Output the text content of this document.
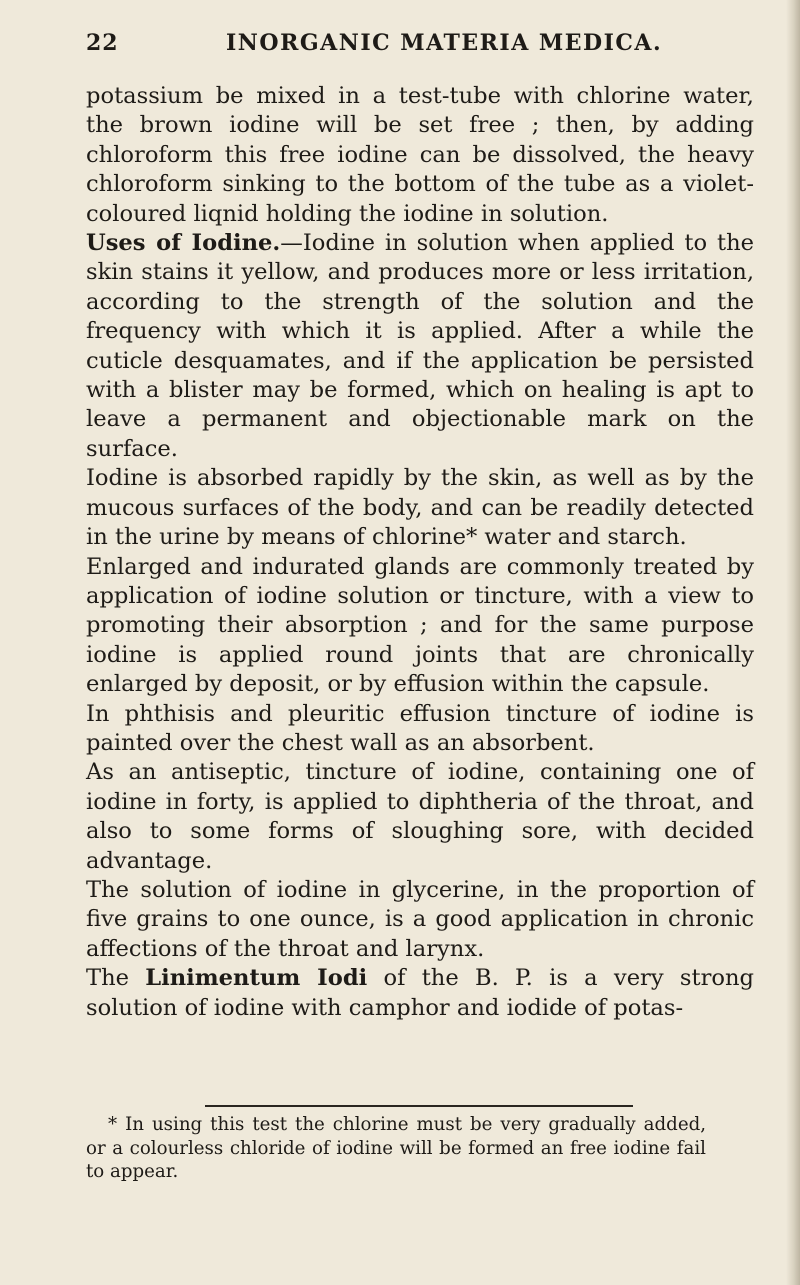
22	INORGANIC MATERIA MEDICA.

potassium be mixed in a test-tube with chlorine water, the brown iodine will be set free ; then, by adding chloroform this free iodine can be dissolved, the heavy chloroform sinking to the bottom of the tube as a violet-coloured liqnid holding the iodine in solution.

Uses of Iodine.—Iodine in solution when applied to the skin stains it yellow, and produces more or less irritation, according to the strength of the solution and the frequency with which it is applied. After a while the cuticle desquamates, and if the application be persisted with a blister may be formed, which on healing is apt to leave a permanent and objectionable mark on the surface.

Iodine is absorbed rapidly by the skin, as well as by the mucous surfaces of the body, and can be readily detected in the urine by means of chlorine* water and starch.

Enlarged and indurated glands are commonly treated by application of iodine solution or tincture, with a view to promoting their absorption ; and for the same purpose iodine is applied round joints that are chronically enlarged by deposit, or by effusion within the capsule.

In phthisis and pleuritic effusion tincture of iodine is painted over the chest wall as an absorbent.

As an antiseptic, tincture of iodine, containing one of iodine in forty, is applied to diphtheria of the throat, and also to some forms of sloughing sore, with decided advantage.

The solution of iodine in glycerine, in the proportion of five grains to one ounce, is a good application in chronic affections of the throat and larynx.

The Linimentum Iodi of the B. P. is a very strong solution of iodine with camphor and iodide of potas-

* In using this test the chlorine must be very gradually added, or a colourless chloride of iodine will be formed an free iodine fail to appear.
